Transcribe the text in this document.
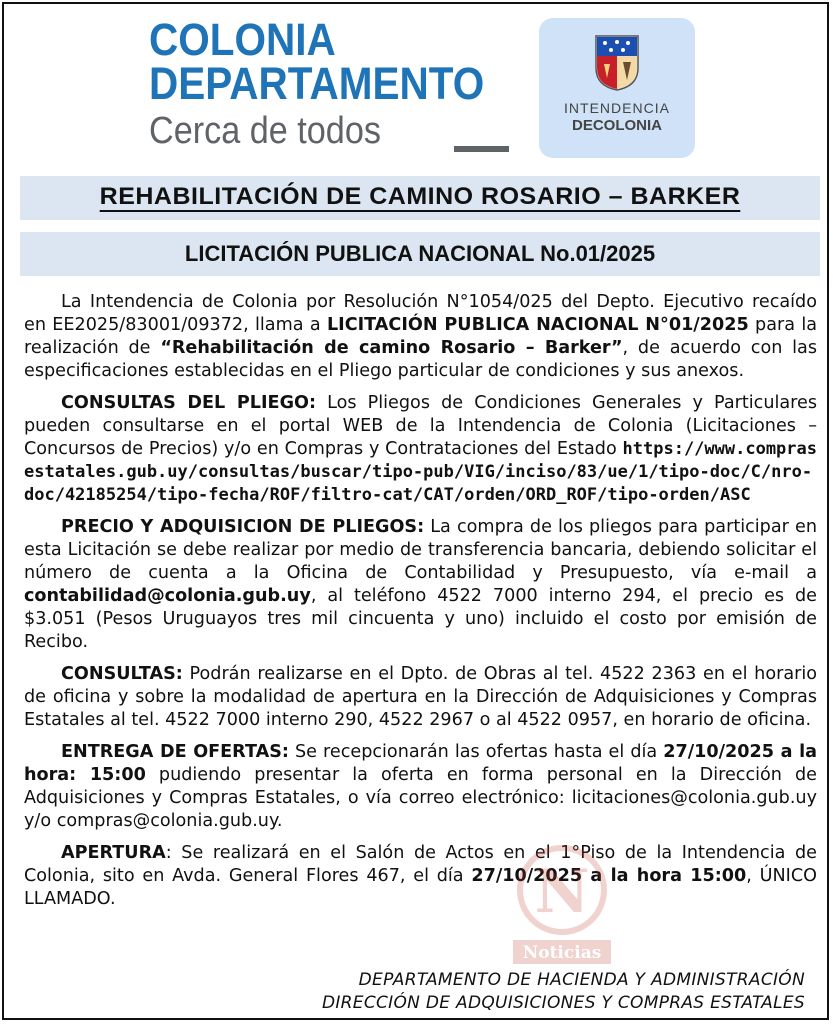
COLONIA
DEPARTAMENTO
Cerca de todos
INTENDENCIA
DECOLONIA
REHABILITACIÓN DE CAMINO ROSARIO – BARKER
LICITACIÓN PUBLICA NACIONAL No.01/2025

La Intendencia de Colonia por Resolución N°1054/025 del Depto. Ejecutivo recaído en EE2025/83001/09372, llama a LICITACIÓN PUBLICA NACIONAL N°01/2025 para la realización de “Rehabilitación de camino Rosario – Barker”, de acuerdo con las especificaciones establecidas en el Pliego particular de condiciones y sus anexos.

CONSULTAS DEL PLIEGO: Los Pliegos de Condiciones Generales y Particulares pueden consultarse en el portal WEB de la Intendencia de Colonia (Licitaciones – Concursos de Precios) y/o en Compras y Contrataciones del Estado https://www.comprasestatales.gub.uy/consultas/buscar/tipo-pub/VIG/inciso/83/ue/1/tipo-doc/C/nro-doc/42185254/tipo-fecha/ROF/filtro-cat/CAT/orden/ORD_ROF/tipo-orden/ASC

PRECIO Y ADQUISICION DE PLIEGOS: La compra de los pliegos para participar en esta Licitación se debe realizar por medio de transferencia bancaria, debiendo solicitar el número de cuenta a la Oficina de Contabilidad y Presupuesto, vía e-mail a contabilidad@colonia.gub.uy, al teléfono 4522 7000 interno 294, el precio es de $3.051 (Pesos Uruguayos tres mil cincuenta y uno) incluido el costo por emisión de Recibo.

CONSULTAS: Podrán realizarse en el Dpto. de Obras al tel. 4522 2363 en el horario de oficina y sobre la modalidad de apertura en la Dirección de Adquisiciones y Compras Estatales al tel. 4522 7000 interno 290, 4522 2967 o al 4522 0957, en horario de oficina.

ENTREGA DE OFERTAS: Se recepcionarán las ofertas hasta el día 27/10/2025 a la hora: 15:00 pudiendo presentar la oferta en forma personal en la Dirección de Adquisiciones y Compras Estatales, o vía correo electrónico: licitaciones@colonia.gub.uy y/o compras@colonia.gub.uy.

APERTURA: Se realizará en el Salón de Actos en el 1°Piso de la Intendencia de Colonia, sito en Avda. General Flores 467, el día 27/10/2025 a la hora 15:00, ÚNICO LLAMADO.	N
Noticias
DEPARTAMENTO DE HACIENDA Y ADMINISTRACIÓN
DIRECCIÓN DE ADQUISICIONES Y COMPRAS ESTATALES
